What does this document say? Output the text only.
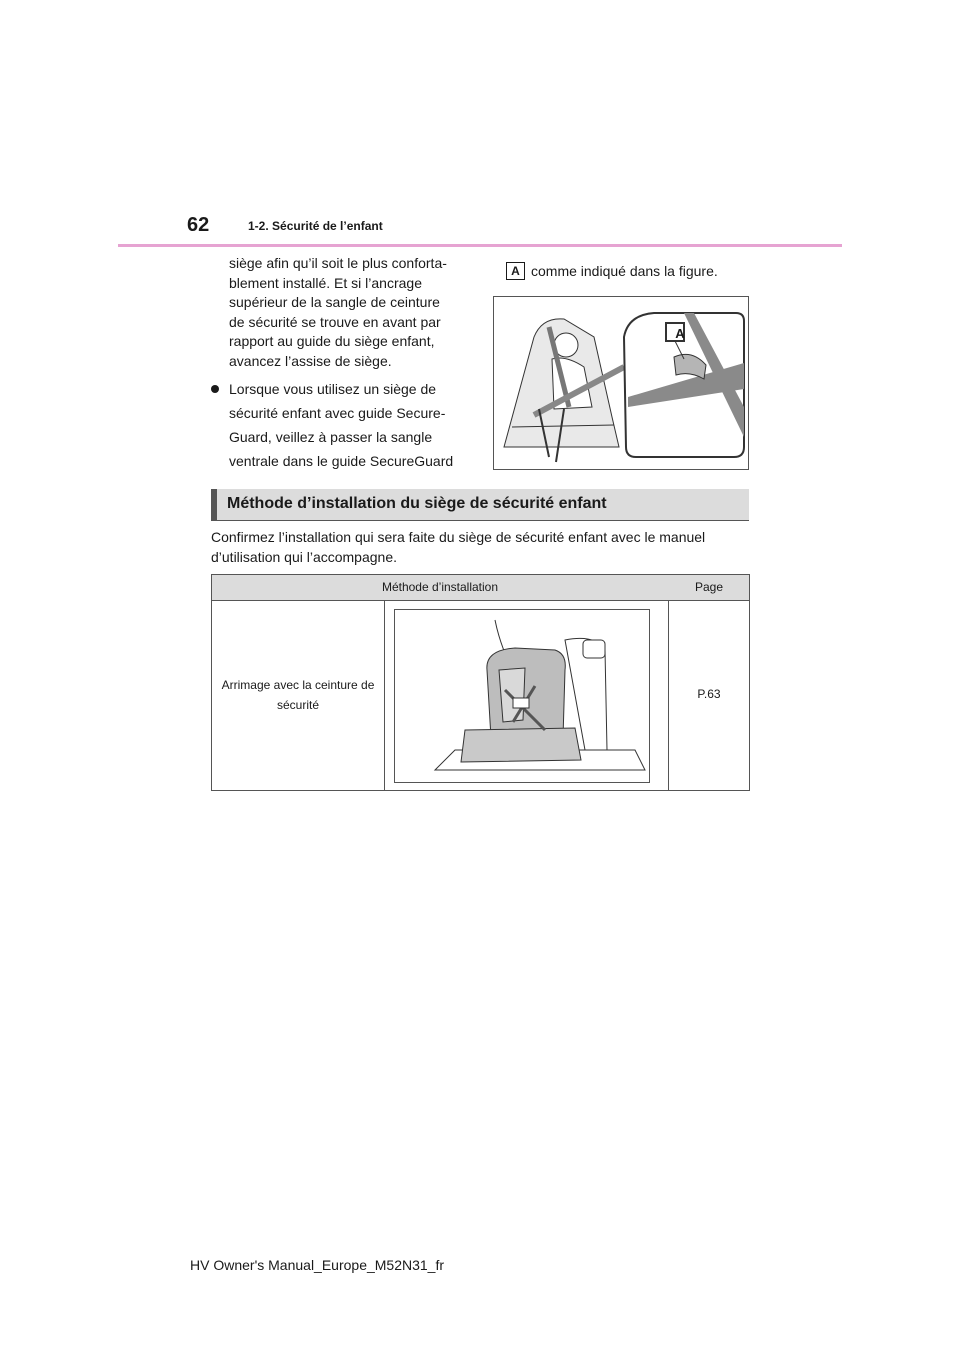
62	1-2. Sécurité de l’enfant

siège afin qu’il soit le plus conforta-

blement installé. Et si l’ancrage

supérieur de la sangle de ceinture

de sécurité se trouve en avant par

rapport au guide du siège enfant,

avancez l’assise de siège.

Lorsque vous utilisez un siège de
sécurité enfant avec guide Secure-
Guard, veillez à passer la sangle
ventrale dans le guide SecureGuard
A comme indiqué dans la figure.
A
Méthode d’installation du siège de sécurité enfant
Confirmez l’installation qui sera faite du siège de sécurité enfant avec le manuel
d’utilisation qui l’accompagne.
Méthode d’installation	Page
Arrimage avec la ceinture de
sécurité
P.63
HV Owner's Manual_Europe_M52N31_fr
